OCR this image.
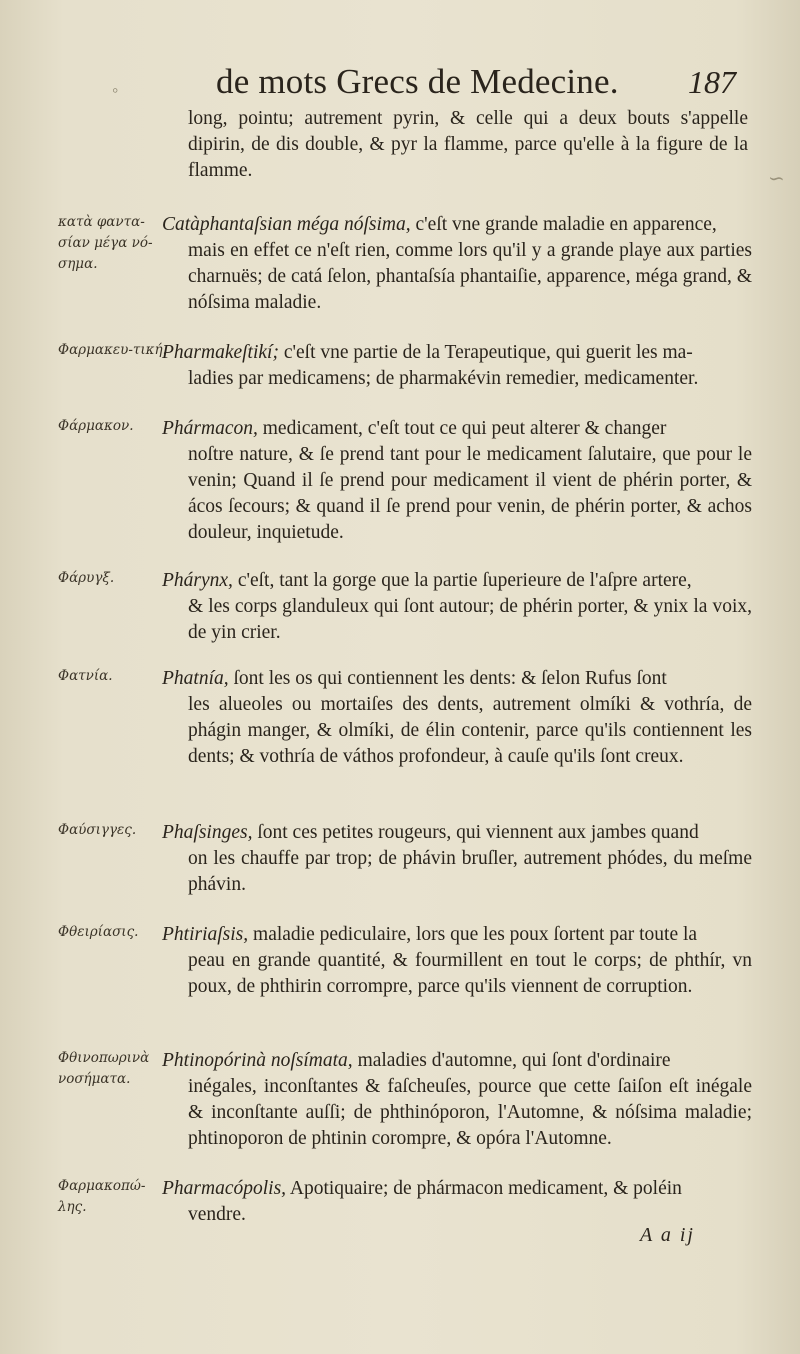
◦	de mots Grecs de Medecine. 187
∽
long, pointu; autrement pyrin, & celle qui a deux bouts s'appelle dipirin, de dis double, & pyr la flamme, parce qu'elle à la figure de la flamme.
κατὰ φαντα-σίαν μέγα νό-σημα.
Catàphantaſsian méga nóſsima, c'eſt vne grande maladie en apparence,
mais en effet ce n'eſt rien, comme lors qu'il y a grande playe aux parties charnuës; de catá ſelon, phantaſsía phantaiſie, apparence, méga grand, & nóſsima maladie.
Φαρμακευ-τική.
Pharmakeſtikí; c'eſt vne partie de la Terapeutique, qui guerit les ma-
ladies par medicamens; de pharmakévin remedier, medicamenter.
Φάρμακον.	Phármacon, medicament, c'eſt tout ce qui peut alterer & changer
noſtre nature, & ſe prend tant pour le medicament ſalutaire, que pour le venin; Quand il ſe prend pour medicament il vient de phérin porter, & ácos ſecours; & quand il ſe prend pour venin, de phérin porter, & achos douleur, inquietude.
Φάρυγξ.	Phárynx, c'eſt, tant la gorge que la partie ſuperieure de l'aſpre artere,
& les corps glanduleux qui ſont autour; de phérin porter, & ynix la voix, de yin crier.
Φατνία.	Phatnía, ſont les os qui contiennent les dents: & ſelon Rufus ſont
les alueoles ou mortaiſes des dents, autrement olmíki & vothría, de phágin manger, & olmíki, de élin contenir, parce qu'ils contiennent les dents; & vothría de váthos profondeur, à cauſe qu'ils ſont creux.
Φαύσιγγες.	Phaſsinges, ſont ces petites rougeurs, qui viennent aux jambes quand
on les chauffe par trop; de phávin bruſler, autrement phódes, du meſme phávin.
Φθειρίασις.	Phtiriaſsis, maladie pediculaire, lors que les poux ſortent par toute la
peau en grande quantité, & fourmillent en tout le corps; de phthír, vn poux, de phthirin corrompre, parce qu'ils viennent de corruption.
Φθινοπωρινὰ νοσήματα.
Phtinopórinà noſsímata, maladies d'automne, qui ſont d'ordinaire
inégales, inconſtantes & faſcheuſes, pource que cette ſaiſon eſt inégale & inconſtante auſſi; de phthinóporon, l'Automne, & nóſsima maladie; phtinoporon de phtinin corompre, & opóra l'Automne.
Φαρμακοπώ-λης.
Pharmacópolis, Apotiquaire; de phármacon medicament, & poléin
vendre.
A a ij
